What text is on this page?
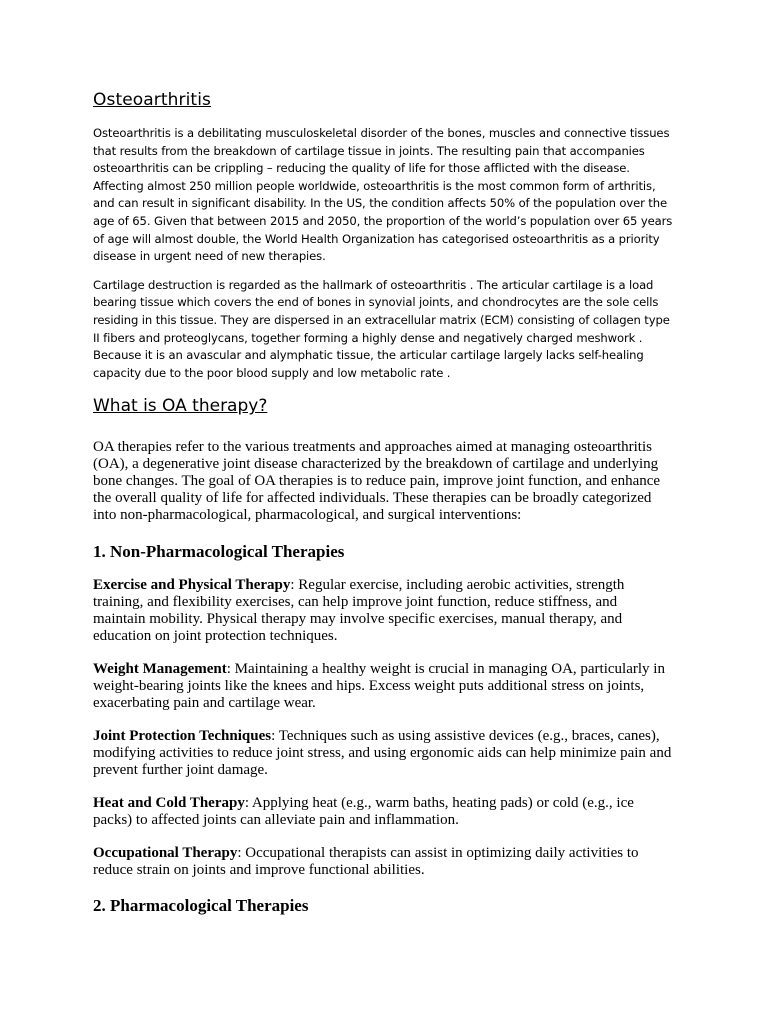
Osteoarthritis

Osteoarthritis is a debilitating musculoskeletal disorder of the bones, muscles and connective tissues that results from the breakdown of cartilage tissue in joints. The resulting pain that accompanies osteoarthritis can be crippling – reducing the quality of life for those afflicted with the disease. Affecting almost 250 million people worldwide, osteoarthritis is the most common form of arthritis, and can result in significant disability. In the US, the condition affects 50% of the population over the age of 65. Given that between 2015 and 2050, the proportion of the world’s population over 65 years of age will almost double, the World Health Organization has categorised osteoarthritis as a priority disease in urgent need of new therapies.

Cartilage destruction is regarded as the hallmark of osteoarthritis . The articular cartilage is a load bearing tissue which covers the end of bones in synovial joints, and chondrocytes are the sole cells residing in this tissue. They are dispersed in an extracellular matrix (ECM) consisting of collagen type II fibers and proteoglycans, together forming a highly dense and negatively charged meshwork . Because it is an avascular and alymphatic tissue, the articular cartilage largely lacks self-healing capacity due to the poor blood supply and low metabolic rate .

What is OA therapy?

OA therapies refer to the various treatments and approaches aimed at managing osteoarthritis (OA), a degenerative joint disease characterized by the breakdown of cartilage and underlying bone changes. The goal of OA therapies is to reduce pain, improve joint function, and enhance the overall quality of life for affected individuals. These therapies can be broadly categorized into non-pharmacological, pharmacological, and surgical interventions:

1. Non-Pharmacological Therapies

Exercise and Physical Therapy: Regular exercise, including aerobic activities, strength training, and flexibility exercises, can help improve joint function, reduce stiffness, and maintain mobility. Physical therapy may involve specific exercises, manual therapy, and education on joint protection techniques.

Weight Management: Maintaining a healthy weight is crucial in managing OA, particularly in weight-bearing joints like the knees and hips. Excess weight puts additional stress on joints, exacerbating pain and cartilage wear.

Joint Protection Techniques: Techniques such as using assistive devices (e.g., braces, canes), modifying activities to reduce joint stress, and using ergonomic aids can help minimize pain and prevent further joint damage.

Heat and Cold Therapy: Applying heat (e.g., warm baths, heating pads) or cold (e.g., ice packs) to affected joints can alleviate pain and inflammation.

Occupational Therapy: Occupational therapists can assist in optimizing daily activities to reduce strain on joints and improve functional abilities.

2. Pharmacological Therapies
